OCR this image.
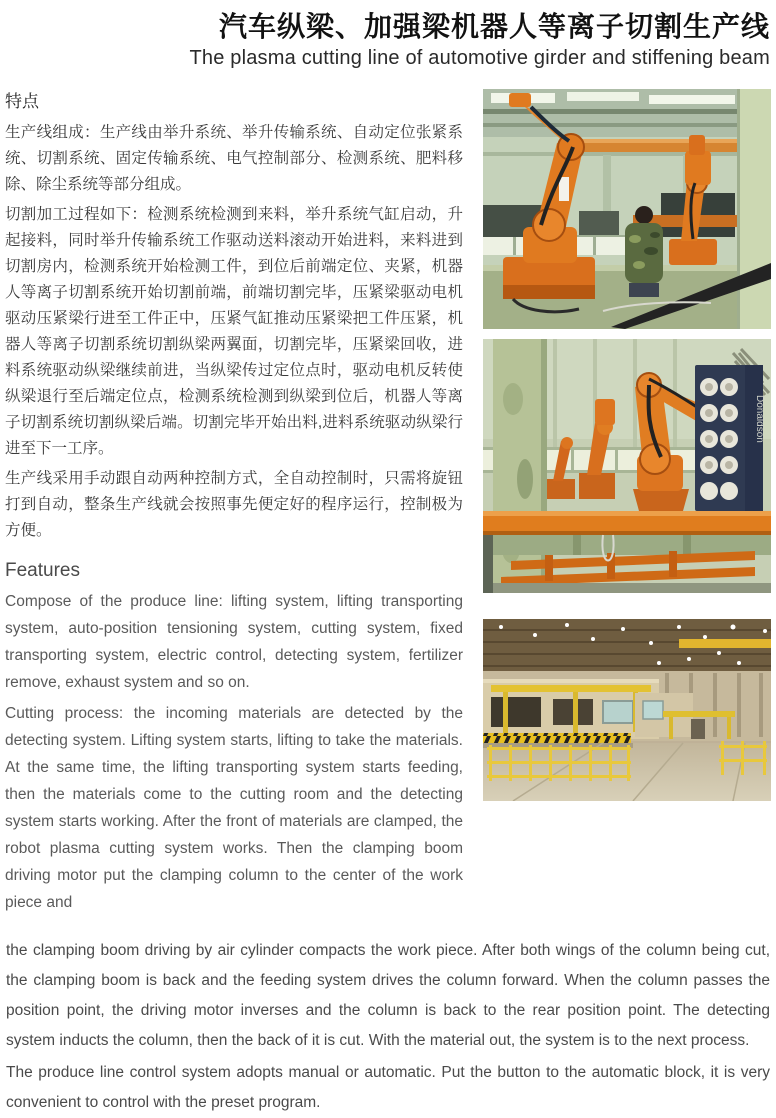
汽车纵梁、加强梁机器人等离子切割生产线
The plasma cutting line of automotive girder and stiffening beam
特点

生产线组成：生产线由举升系统、举升传输系统、自动定位张紧系统、切割系统、固定传输系统、电气控制部分、检测系统、肥料移除、除尘系统等部分组成。

切割加工过程如下：检测系统检测到来料，举升系统气缸启动，升起接料，同时举升传输系统工作驱动送料滚动开始进料，来料进到切割房内，检测系统开始检测工件，到位后前端定位、夹紧，机器人等离子切割系统开始切割前端，前端切割完毕，压紧梁驱动电机驱动压紧梁行进至工件正中，压紧气缸推动压紧梁把工件压紧，机器人等离子切割系统切割纵梁两翼面，切割完毕，压紧梁回收，进料系统驱动纵梁继续前进，当纵梁传过定位点时，驱动电机反转使纵梁退行至后端定位点，检测系统检测到纵梁到位后，机器人等离子切割系统切割纵梁后端。切割完毕开始出料,进料系统驱动纵梁行进至下一工序。

生产线采用手动跟自动两种控制方式，全自动控制时，只需将旋钮打到自动，整条生产线就会按照事先便定好的程序运行，控制极为方便。

Features

Compose of the produce line: lifting system, lifting transporting system, auto-position tensioning system, cutting system, fixed transporting system, electric control, detecting system, fertilizer remove, exhaust system and so on.

Cutting process: the incoming materials are detected by the detecting system. Lifting system starts, lifting to take the materials. At the same time, the lifting transporting system starts feeding, then the materials come to the cutting room and the detecting system starts working. After the front of materials are clamped, the robot plasma cutting system works. Then the clamping boom driving motor put the clamping column to the center of the work piece and

Donaldson

the clamping boom driving by air cylinder compacts the work piece. After both wings of the column being cut, the clamping boom is back and the feeding system drives the column forward. When the column passes the position point, the driving motor inverses and the column is back to the rear position point. The detecting system inducts the column, then the back of it is cut. With the material out, the system is to the next process.

The produce line control system adopts manual or automatic. Put the button to the automatic block, it is very convenient to control with the preset program.
